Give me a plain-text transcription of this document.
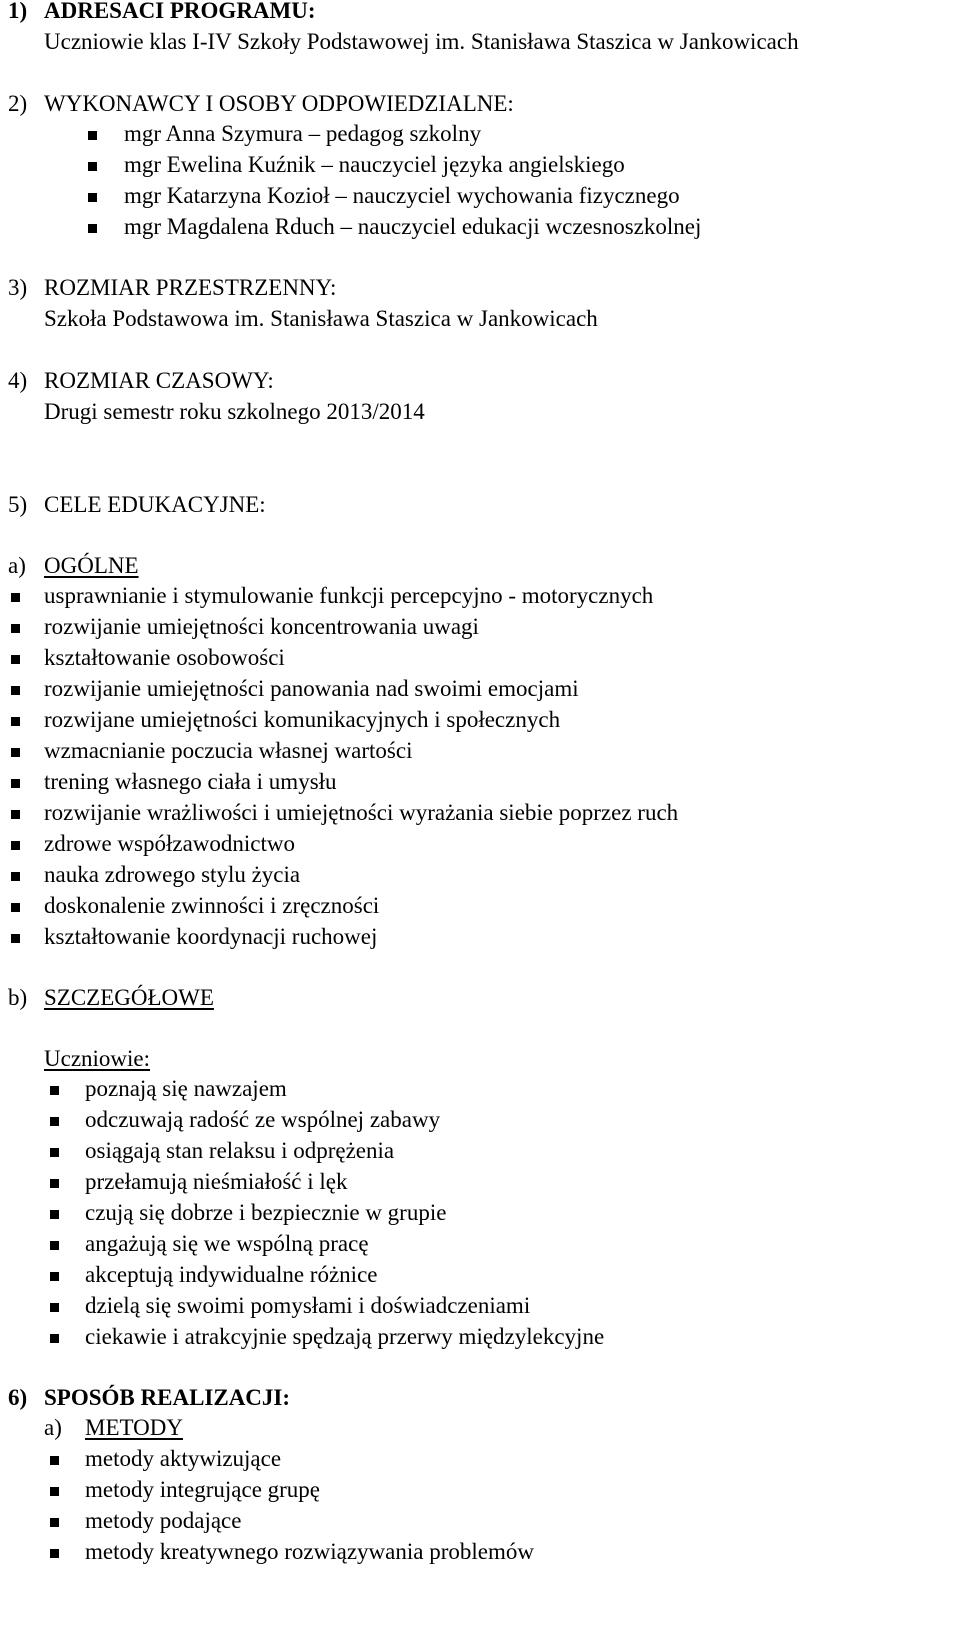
1) ADRESACI PROGRAMU:
Uczniowie klas I-IV Szkoły Podstawowej im. Stanisława Staszica w Jankowicach
2) WYKONAWCY I OSOBY ODPOWIEDZIALNE:
mgr Anna Szymura – pedagog szkolny
mgr Ewelina Kuźnik – nauczyciel języka angielskiego
mgr Katarzyna Kozioł – nauczyciel wychowania fizycznego
mgr Magdalena Rduch – nauczyciel edukacji wczesnoszkolnej
3) ROZMIAR PRZESTRZENNY:
Szkoła Podstawowa im. Stanisława Staszica w Jankowicach
4) ROZMIAR CZASOWY:
Drugi semestr roku szkolnego 2013/2014
5) CELE EDUKACYJNE:
a) OGÓLNE
usprawnianie i stymulowanie funkcji percepcyjno - motorycznych
rozwijanie umiejętności koncentrowania uwagi
kształtowanie osobowości
rozwijanie umiejętności panowania nad swoimi emocjami
rozwijane umiejętności komunikacyjnych i społecznych
wzmacnianie poczucia własnej wartości
trening własnego ciała i umysłu
rozwijanie wrażliwości i umiejętności wyrażania siebie poprzez ruch
zdrowe współzawodnictwo
nauka zdrowego stylu życia
doskonalenie zwinności i zręczności
kształtowanie koordynacji ruchowej
b) SZCZEGÓŁOWE
Uczniowie:
poznają się nawzajem
odczuwają radość ze wspólnej zabawy
osiągają stan relaksu i odprężenia
przełamują nieśmiałość i lęk
czują się dobrze i bezpiecznie w grupie
angażują się we wspólną pracę
akceptują indywidualne różnice
dzielą się swoimi pomysłami i doświadczeniami
ciekawie i atrakcyjnie spędzają przerwy międzylekcyjne
6) SPOSÓB REALIZACJI:
a) METODY
metody aktywizujące
metody integrujące grupę
metody podające
metody kreatywnego rozwiązywania problemów
